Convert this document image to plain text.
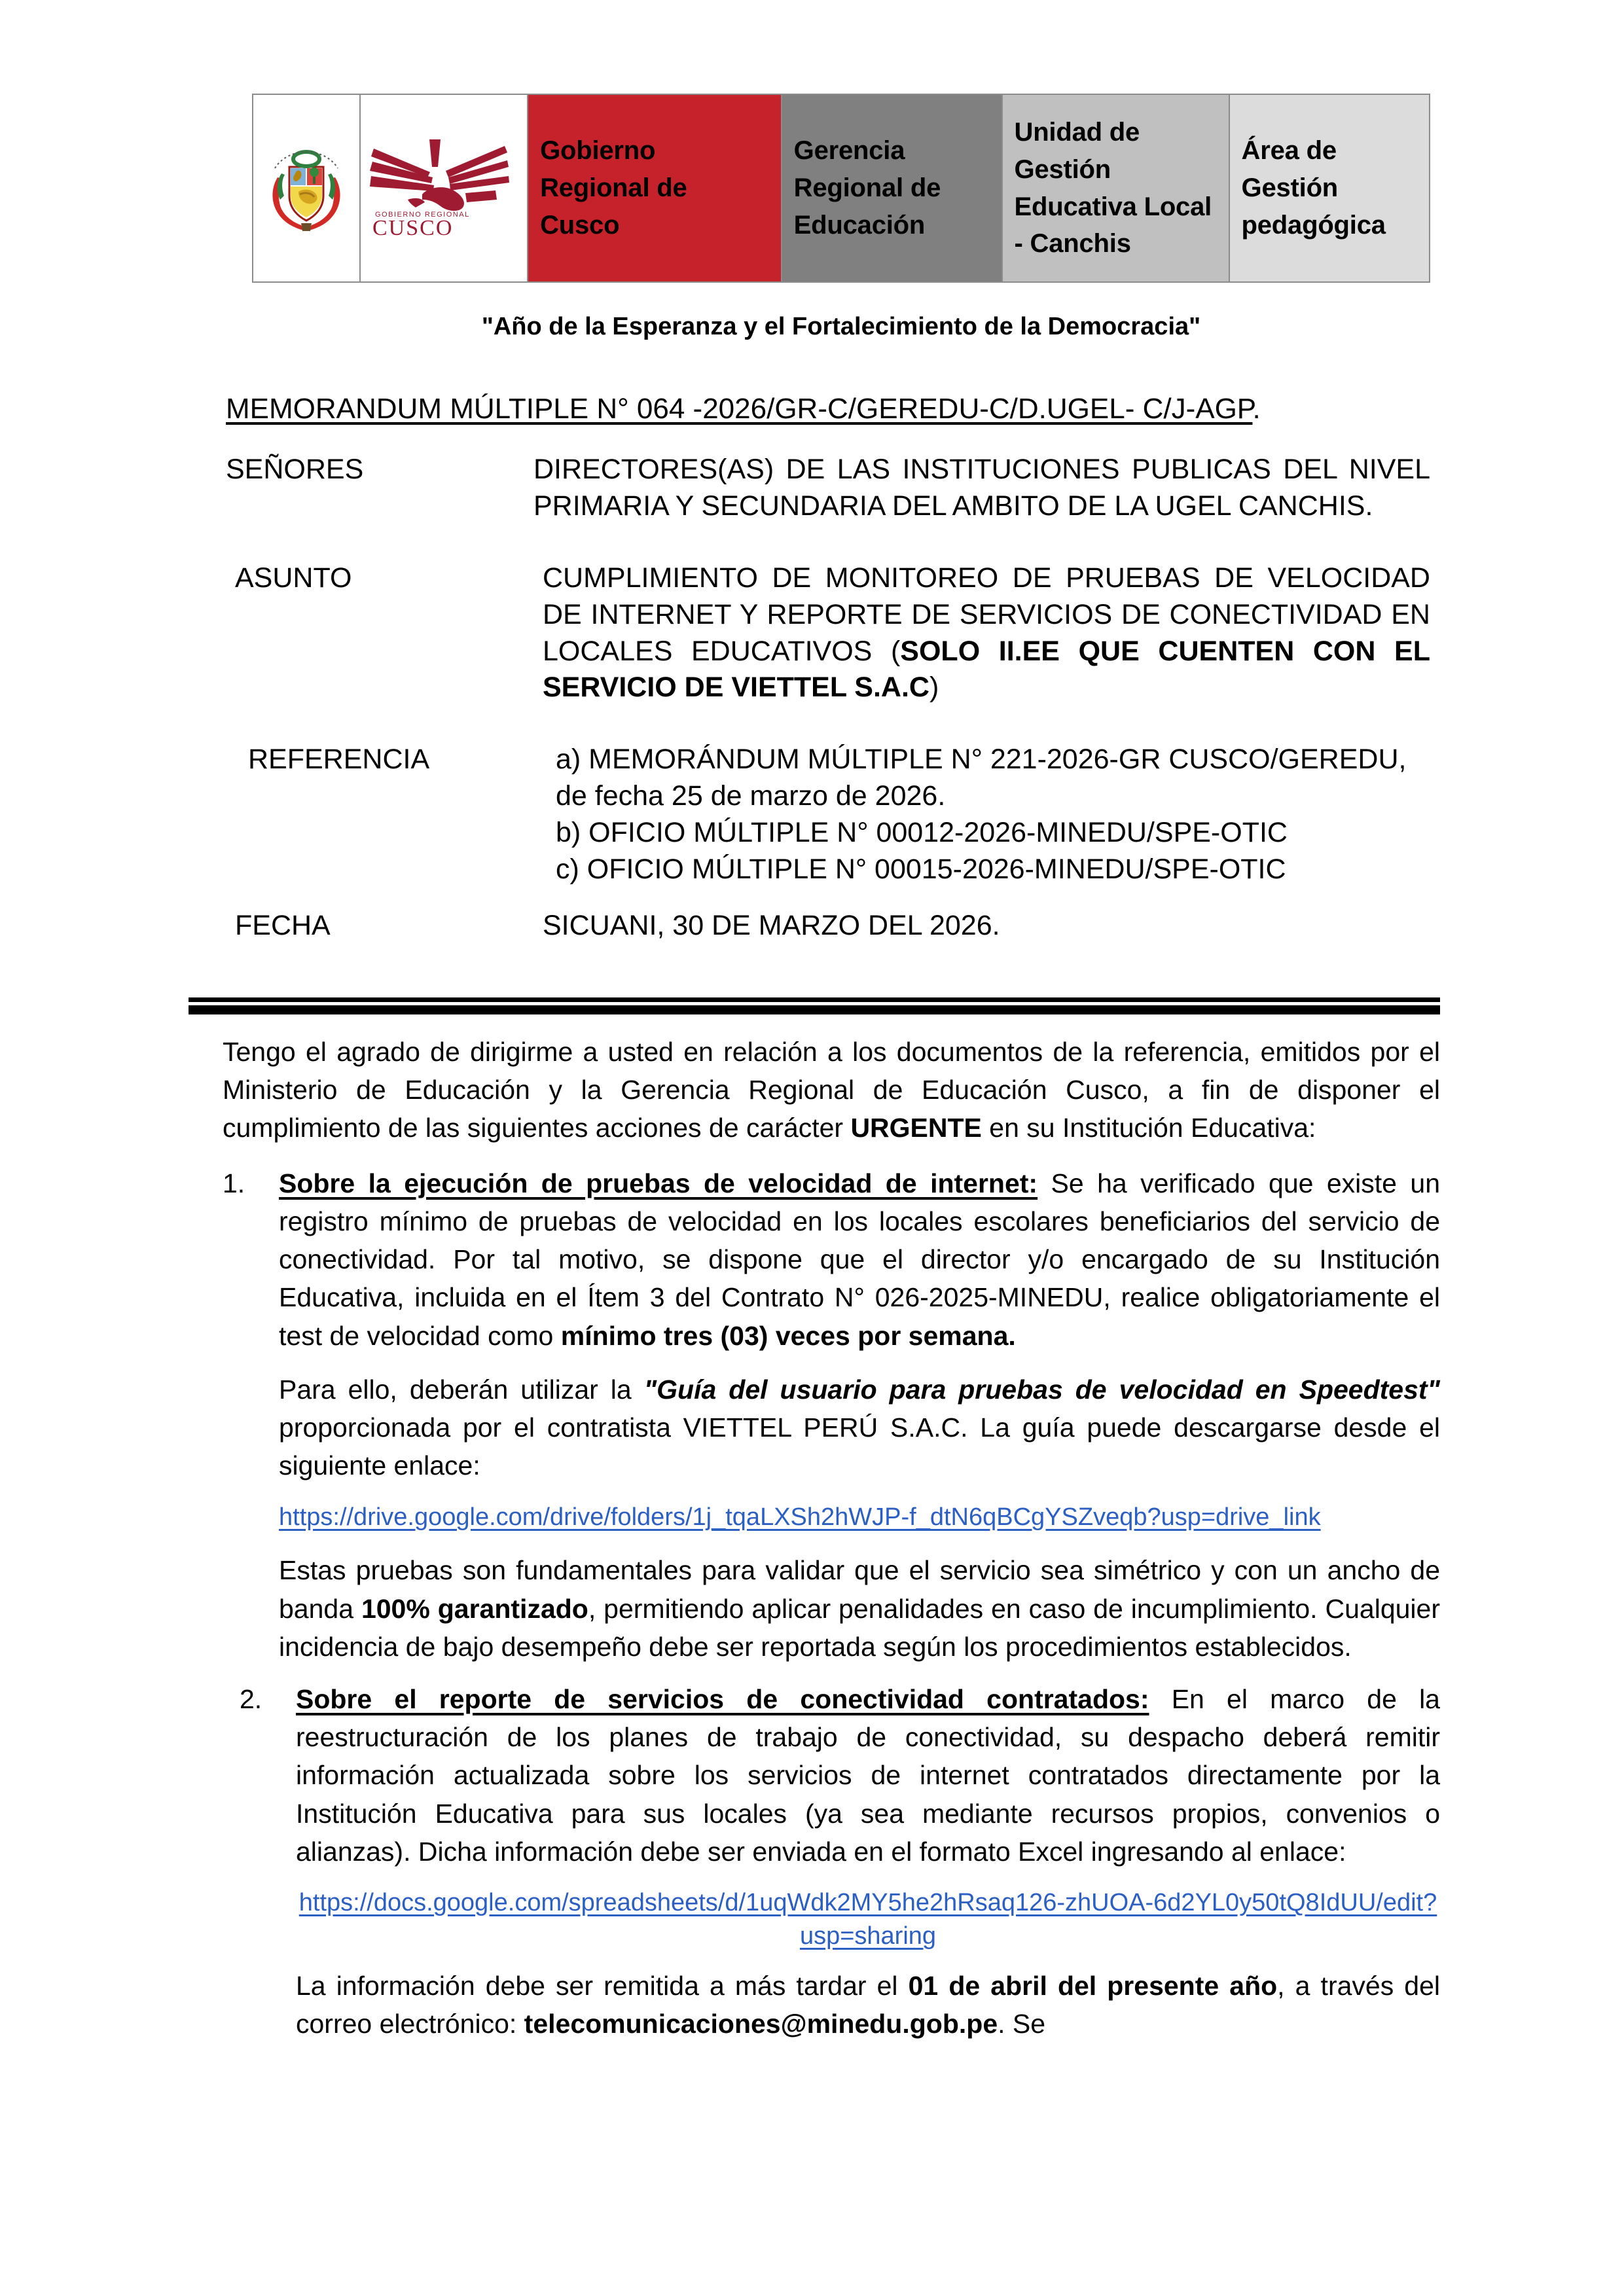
GOBIERNO REGIONAL
CUSCO

Gobierno Regional de Cusco

Gerencia Regional de Educación

Unidad de Gestión Educativa Local - Canchis

Área de Gestión pedagógica
"Año de la Esperanza y el Fortalecimiento de la Democracia"
MEMORANDUM MÚLTIPLE N° 064 -2026/GR-C/GEREDU-C/D.UGEL- C/J-AGP.
SEÑORES	DIRECTORES(AS) DE LAS INSTITUCIONES PUBLICAS DEL NIVEL PRIMARIA Y SECUNDARIA DEL AMBITO DE LA UGEL CANCHIS.
ASUNTO	CUMPLIMIENTO DE MONITOREO DE PRUEBAS DE VELOCIDAD DE INTERNET Y REPORTE DE SERVICIOS DE CONECTIVIDAD EN LOCALES EDUCATIVOS (SOLO II.EE QUE CUENTEN CON EL SERVICIO DE VIETTEL S.A.C)
REFERENCIA	a) MEMORÁNDUM MÚLTIPLE N° 221-2026-GR CUSCO/GEREDU, de fecha 25 de marzo de 2026.
b) OFICIO MÚLTIPLE N° 00012-2026-MINEDU/SPE-OTIC
c) OFICIO MÚLTIPLE N° 00015-2026-MINEDU/SPE-OTIC
FECHA	SICUANI, 30 DE MARZO DEL 2026.

Tengo el agrado de dirigirme a usted en relación a los documentos de la referencia, emitidos por el Ministerio de Educación y la Gerencia Regional de Educación Cusco, a fin de disponer el cumplimiento de las siguientes acciones de carácter URGENTE en su Institución Educativa:

1.	Sobre la ejecución de pruebas de velocidad de internet: Se ha verificado que existe un registro mínimo de pruebas de velocidad en los locales escolares beneficiarios del servicio de conectividad. Por tal motivo, se dispone que el director y/o encargado de su Institución Educativa, incluida en el Ítem 3 del Contrato N° 026-2025-MINEDU, realice obligatoriamente el test de velocidad como mínimo tres (03) veces por semana.

Para ello, deberán utilizar la "Guía del usuario para pruebas de velocidad en Speedtest" proporcionada por el contratista VIETTEL PERÚ S.A.C. La guía puede descargarse desde el siguiente enlace:

https://drive.google.com/drive/folders/1j_tqaLXSh2hWJP-f_dtN6qBCgYSZveqb?usp=drive_link

Estas pruebas son fundamentales para validar que el servicio sea simétrico y con un ancho de banda 100% garantizado, permitiendo aplicar penalidades en caso de incumplimiento. Cualquier incidencia de bajo desempeño debe ser reportada según los procedimientos establecidos.

2.	Sobre el reporte de servicios de conectividad contratados: En el marco de la reestructuración de los planes de trabajo de conectividad, su despacho deberá remitir información actualizada sobre los servicios de internet contratados directamente por la Institución Educativa para sus locales (ya sea mediante recursos propios, convenios o alianzas). Dicha información debe ser enviada en el formato Excel ingresando al enlace:

https://docs.google.com/spreadsheets/d/1uqWdk2MY5he2hRsaq126-zhUOA-6d2YL0y50tQ8IdUU/edit?usp=sharing

La información debe ser remitida a más tardar el 01 de abril del presente año, a través del correo electrónico: telecomunicaciones@minedu.gob.pe. Se
